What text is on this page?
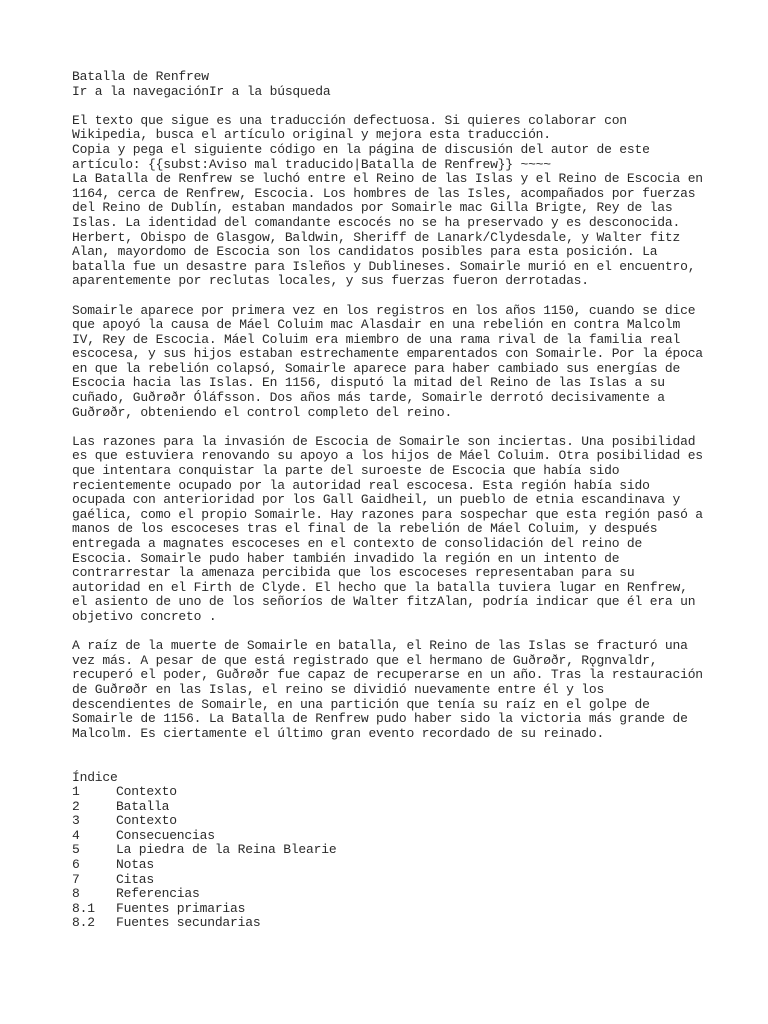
Batalla de Renfrew
Ir a la navegaciónIr a la búsqueda
El texto que sigue es una traducción defectuosa. Si quieres colaborar con
Wikipedia, busca el artículo original y mejora esta traducción.
Copia y pega el siguiente código en la página de discusión del autor de este
artículo: {{subst:Aviso mal traducido|Batalla de Renfrew}} ~~~~
La Batalla de Renfrew se luchó entre el Reino de las Islas y el Reino de Escocia en
1164, cerca de Renfrew, Escocia. Los hombres de las Isles, acompañados por fuerzas
del Reino de Dublín, estaban mandados por Somairle mac Gilla Brigte, Rey de las
Islas. La identidad del comandante escocés no se ha preservado y es desconocida.
Herbert, Obispo de Glasgow, Baldwin, Sheriff de Lanark/Clydesdale, y Walter fitz
Alan, mayordomo de Escocia son los candidatos posibles para esta posición. La
batalla fue un desastre para Isleños y Dublineses. Somairle murió en el encuentro,
aparentemente por reclutas locales, y sus fuerzas fueron derrotadas.
Somairle aparece por primera vez en los registros en los años 1150, cuando se dice
que apoyó la causa de Máel Coluim mac Alasdair en una rebelión en contra Malcolm
IV, Rey de Escocia. Máel Coluim era miembro de una rama rival de la familia real
escocesa, y sus hijos estaban estrechamente emparentados con Somairle. Por la época
en que la rebelión colapsó, Somairle aparece para haber cambiado sus energías de
Escocia hacia las Islas. En 1156, disputó la mitad del Reino de las Islas a su
cuñado, Guðrøðr Óláfsson. Dos años más tarde, Somairle derrotó decisivamente a
Guðrøðr, obteniendo el control completo del reino.
Las razones para la invasión de Escocia de Somairle son inciertas. Una posibilidad
es que estuviera renovando su apoyo a los hijos de Máel Coluim. Otra posibilidad es
que intentara conquistar la parte del suroeste de Escocia que había sido
recientemente ocupado por la autoridad real escocesa. Esta región había sido
ocupada con anterioridad por los Gall Gaidheil, un pueblo de etnia escandinava y
gaélica, como el propio Somairle. Hay razones para sospechar que esta región pasó a
manos de los escoceses tras el final de la rebelión de Máel Coluim, y después
entregada a magnates escoceses en el contexto de consolidación del reino de
Escocia. Somairle pudo haber también invadido la región en un intento de
contrarrestar la amenaza percibida que los escoceses representaban para su
autoridad en el Firth de Clyde. El hecho que la batalla tuviera lugar en Renfrew,
el asiento de uno de los señoríos de Walter fitzAlan, podría indicar que él era un
objetivo concreto .
A raíz de la muerte de Somairle en batalla, el Reino de las Islas se fracturó una
vez más. A pesar de que está registrado que el hermano de Guðrøðr, Rǫgnvaldr,
recuperó el poder, Guðrøðr fue capaz de recuperarse en un año. Tras la restauración
de Guðrøðr en las Islas, el reino se dividió nuevamente entre él y los
descendientes de Somairle, en una partición que tenía su raíz en el golpe de
Somairle de 1156. La Batalla de Renfrew pudo haber sido la victoria más grande de
Malcolm. Es ciertamente el último gran evento recordado de su reinado.
Índice
1	Contexto
2	Batalla
3	Contexto
4	Consecuencias
5	La piedra de la Reina Blearie
6	Notas
7	Citas
8	Referencias
8.1	Fuentes primarias
8.2	Fuentes secundarias
